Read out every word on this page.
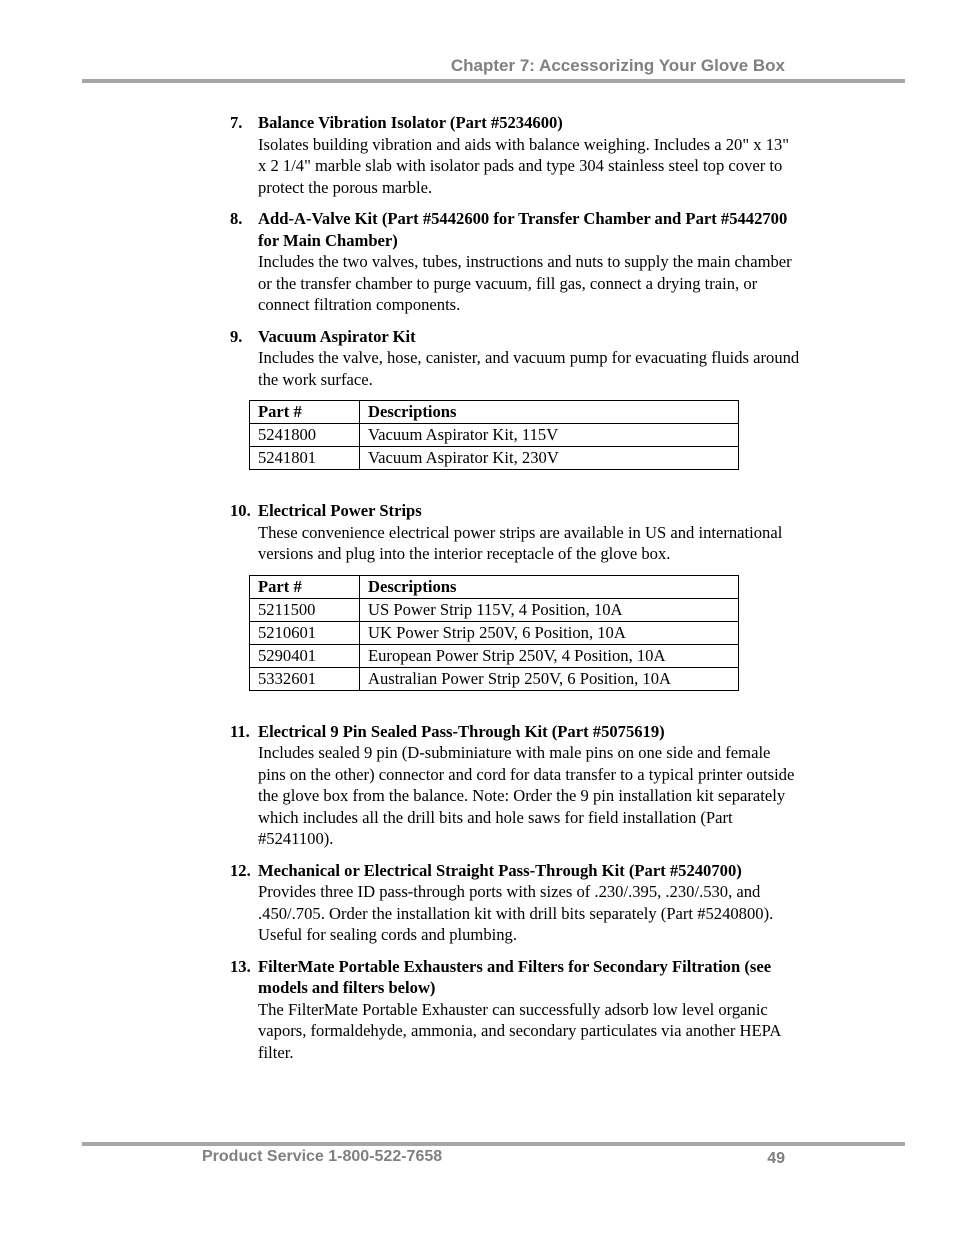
Chapter 7: Accessorizing Your Glove Box
7. Balance Vibration Isolator (Part #5234600)
Isolates building vibration and aids with balance weighing. Includes a 20" x 13" x 2 1/4" marble slab with isolator pads and type 304 stainless steel top cover to protect the porous marble.
8. Add-A-Valve Kit (Part #5442600 for Transfer Chamber and Part #5442700 for Main Chamber)
Includes the two valves, tubes, instructions and nuts to supply the main chamber or the transfer chamber to purge vacuum, fill gas, connect a drying train, or connect filtration components.
9. Vacuum Aspirator Kit
Includes the valve, hose, canister, and vacuum pump for evacuating fluids around the work surface.
Part #	Descriptions
5241800	Vacuum Aspirator Kit, 115V
5241801	Vacuum Aspirator Kit, 230V
10. Electrical Power Strips
These convenience electrical power strips are available in US and international versions and plug into the interior receptacle of the glove box.
Part #	Descriptions
5211500	US Power Strip 115V, 4 Position, 10A
5210601	UK Power Strip 250V, 6 Position, 10A
5290401	European Power Strip 250V, 4 Position, 10A
5332601	Australian Power Strip 250V, 6 Position, 10A
11. Electrical 9 Pin Sealed Pass-Through Kit (Part #5075619)
Includes sealed 9 pin (D-subminiature with male pins on one side and female pins on the other) connector and cord for data transfer to a typical printer outside the glove box from the balance. Note: Order the 9 pin installation kit separately which includes all the drill bits and hole saws for field installation (Part #5241100).
12. Mechanical or Electrical Straight Pass-Through Kit (Part #5240700)
Provides three ID pass-through ports with sizes of .230/.395, .230/.530, and .450/.705. Order the installation kit with drill bits separately (Part #5240800). Useful for sealing cords and plumbing.
13. FilterMate Portable Exhausters and Filters for Secondary Filtration (see models and filters below)
The FilterMate Portable Exhauster can successfully adsorb low level organic vapors, formaldehyde, ammonia, and secondary particulates via another HEPA filter.
Product Service 1-800-522-7658	49
